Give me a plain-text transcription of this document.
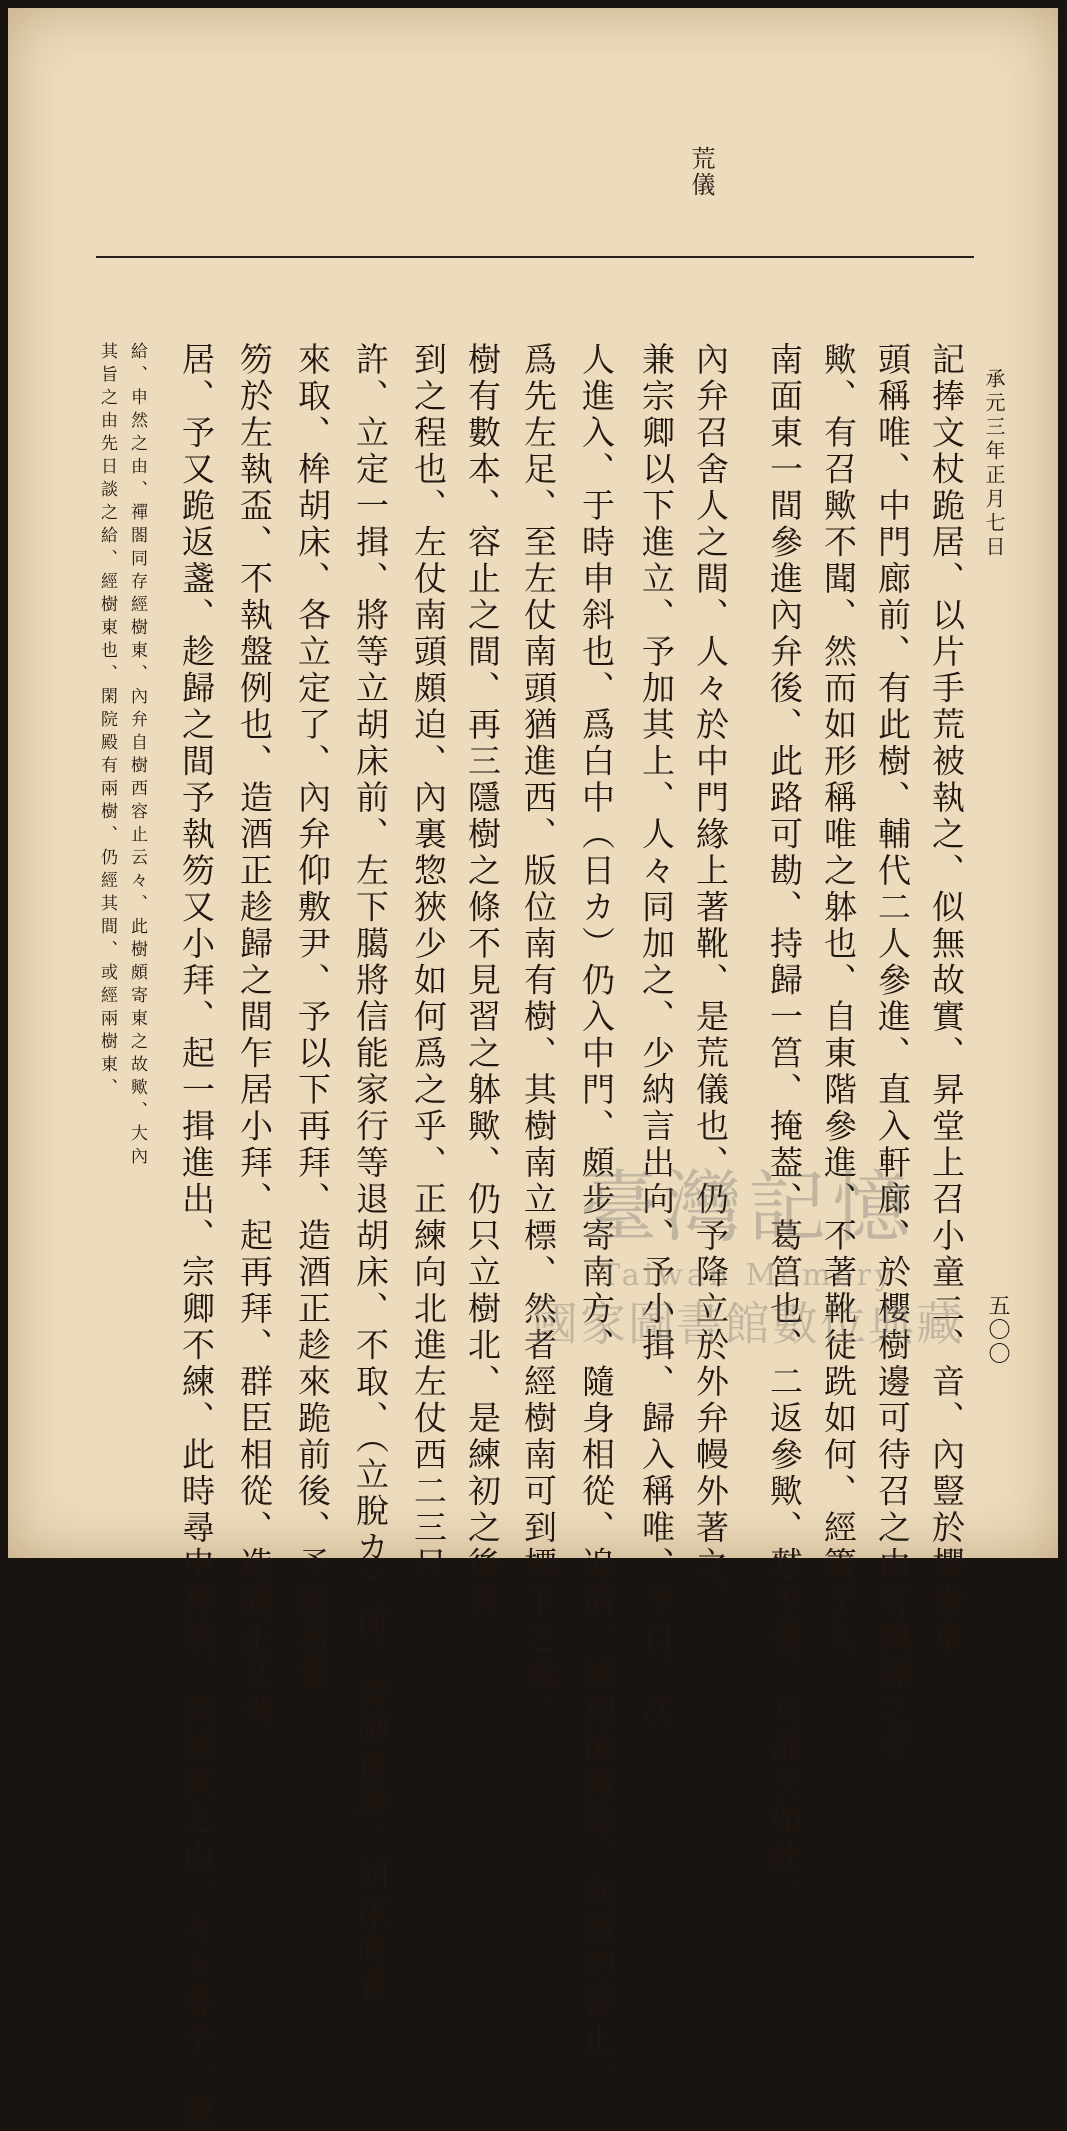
荒儀
承元三年正月七日
五〇〇
記捧文杖跪居、以片手荒被執之、似無故實、昇堂上召小童二、音、內豎於櫻樹東
頭稱唯、中門廊前、有此樹、輔代二人參進、直入軒廊、於櫻樹邊可待召之由有諷諫之者
歟、有召歟不聞、然而如形稱唯之躰也、自東階參進、不著靴徒跣如何、經簀子入
南面東一間參進內弁後、此路可勘、持歸一筥、掩葢、葛筥也、二返參歟、憖不覺、兵部又如此、
內弁召舍人之間、人々於中門緣上著靴、是荒儀也、仍予降立於外弁幔外著之、
兼宗卿以下進立、予加其上、人々同加之、少納言出向、予小揖、歸入稱唯、予目、次
人進入、于時申斜也、爲白中（日カ）仍入中門、頗步寄南方、隨身相從、追前、練初後頻退、向西初容止、
爲先左足、至左仗南頭猶進西、版位南有樹、其樹南立標、然者經樹南可到標下之處、
樹有數本、容止之間、再三隱樹之條不見習之躰歟、仍只立樹北、是練初之後斜
到之程也、左仗南頭頗迫、內裏惣狹少如何爲之乎、正練向北進左仗西二三尺
許、立定一揖、將等立胡床前、左下臈將信能家行等退胡床、不取、（立脫カ）前、傍砌退歸、胡床府者
來取、桙胡床、各立定了、內弁仰敷尹、予以下再拜、造酒正趁來跪前後、予跪居置
笏於左執盃、不執盤例也、造酒正趁歸之間乍居小拜、起再拜、群臣相從、造酒正又來
居、予又跪返盞、趁歸之間予執笏又小拜、起一揖進出、宗卿不練、此時尋申禪閤、尚練歟之由、々々尋予、兼
給、申然之由、禪閤同存經樹東、內弁自樹西容止云々、此樹頗寄東之故歟、大內
其旨之由先日談之給、經樹東也、閑院殿有兩樹、仍經其間、或經兩樹東、
臺灣記憶
Taiwan Memory
國家圖書館數位典藏
